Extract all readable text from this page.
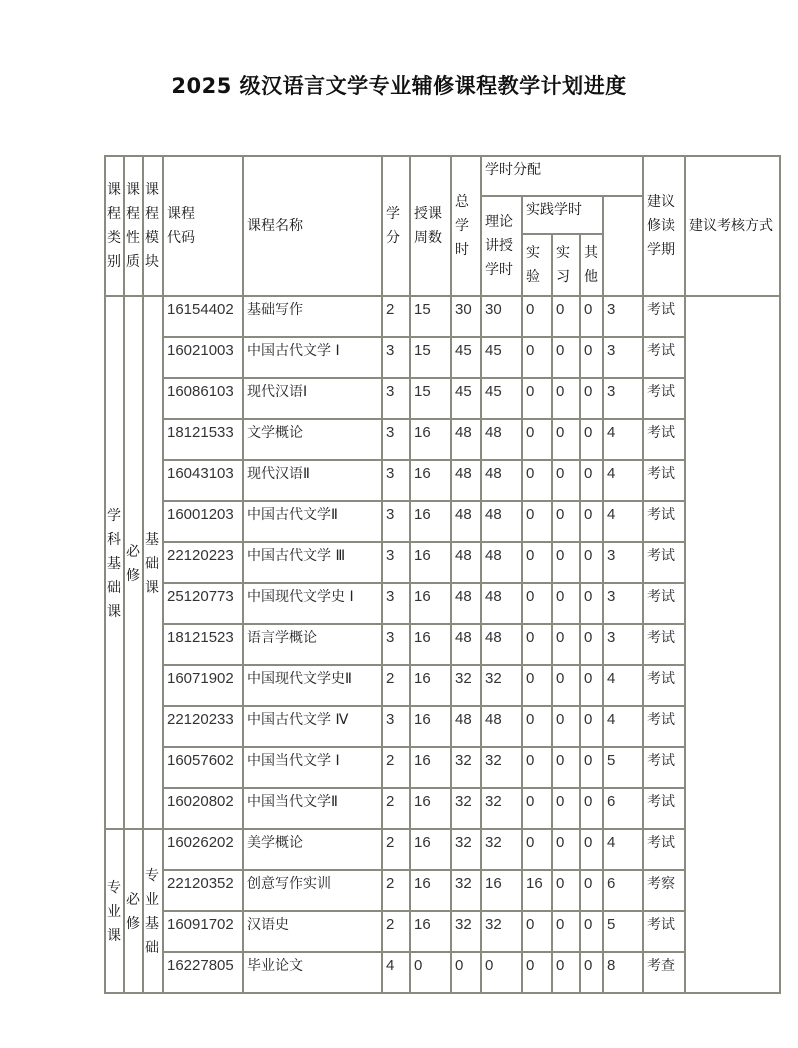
2025 级汉语言文学专业辅修课程教学计划进度
课程类别	课程性质	课程模块	课程代码	课程名称	学分	授课周数	总学时	学时分配					建议修读学期	建议考核方式
								理论讲授学时	实践学时					
									实验	实习	其他			
学科基础课	必修	基础课	16154402	基础写作	2	15	30	30	0	0	0	3	考试	
			16021003	中国古代文学 Ⅰ	3	15	45	45	0	0	0	3	考试	
			16086103	现代汉语Ⅰ	3	15	45	45	0	0	0	3	考试	
			18121533	文学概论	3	16	48	48	0	0	0	4	考试	
			16043103	现代汉语Ⅱ	3	16	48	48	0	0	0	4	考试	
			16001203	中国古代文学Ⅱ	3	16	48	48	0	0	0	4	考试	
			22120223	中国古代文学 Ⅲ	3	16	48	48	0	0	0	3	考试	
			25120773	中国现代文学史 Ⅰ	3	16	48	48	0	0	0	3	考试	
			18121523	语言学概论	3	16	48	48	0	0	0	3	考试	
			16071902	中国现代文学史Ⅱ	2	16	32	32	0	0	0	4	考试	
			22120233	中国古代文学 Ⅳ	3	16	48	48	0	0	0	4	考试	
			16057602	中国当代文学 Ⅰ	2	16	32	32	0	0	0	5	考试	
			16020802	中国当代文学Ⅱ	2	16	32	32	0	0	0	6	考试	
专业课	必修	专业基础	16026202	美学概论	2	16	32	32	0	0	0	4	考试	
			22120352	创意写作实训	2	16	32	16	16	0	0	6	考察	
			16091702	汉语史	2	16	32	32	0	0	0	5	考试	
			16227805	毕业论文	4	0	0	0	0	0	0	8	考查	
